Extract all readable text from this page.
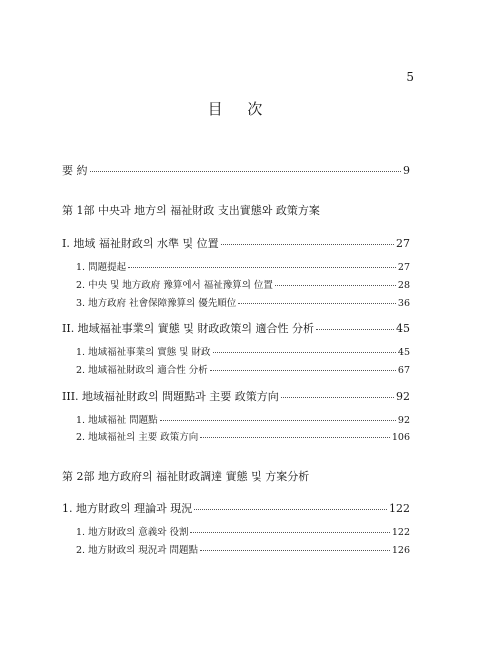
5
目 次
要 約	9
第 1部 中央과 地方의 福祉財政 支出實態와 政策方案
I. 地域 福祉財政의 水準 및 位置	27
1. 問題提起	27
2. 中央 및 地方政府 豫算에서 福祉豫算의 位置	28
3. 地方政府 社會保障豫算의 優先順位	36
II. 地域福祉事業의 實態 및 財政政策의 適合性 分析	45
1. 地域福祉事業의 實態 및 財政	45
2. 地域福祉財政의 適合性 分析	67
III. 地域福祉財政의 問題點과 主要 政策方向	92
1. 地域福祉 問題點	92
2. 地域福祉의 主要 政策方向	106
第 2部 地方政府의 福祉財政調達 實態 및 方案分析
1. 地方財政의 理論과 現況	122
1. 地方財政의 意義와 役割	122
2. 地方財政의 現況과 問題點	126
